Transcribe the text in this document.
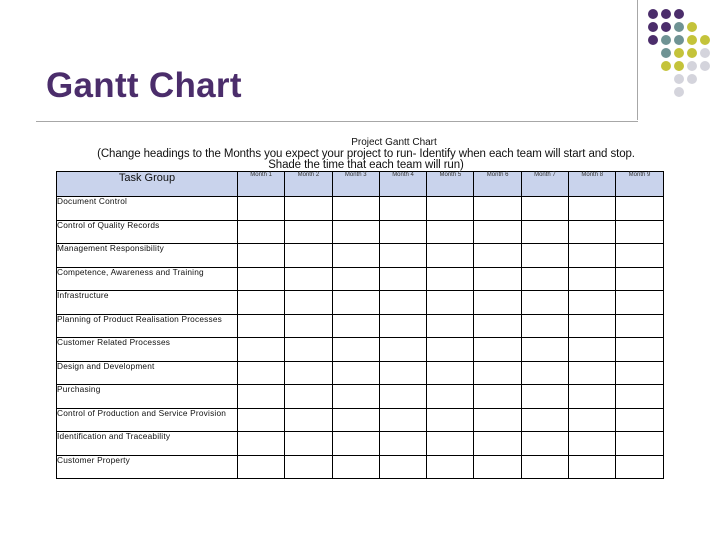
Gantt Chart
Project Gantt Chart
(Change headings to the Months you expect your project to run- Identify when each team will start and stop.
Shade the time that each team will run)
Task Group	Month 1	Month 2	Month 3	Month 4	Month 5	Month 6	Month 7	Month 8	Month 9
Document Control									
Control of Quality Records									
Management Responsibility									
Competence, Awareness and Training									
Infrastructure									
Planning of Product Realisation Processes									
Customer Related Processes									
Design and Development									
Purchasing									
Control of Production and Service Provision									
Identification and Traceability									
Customer Property									
